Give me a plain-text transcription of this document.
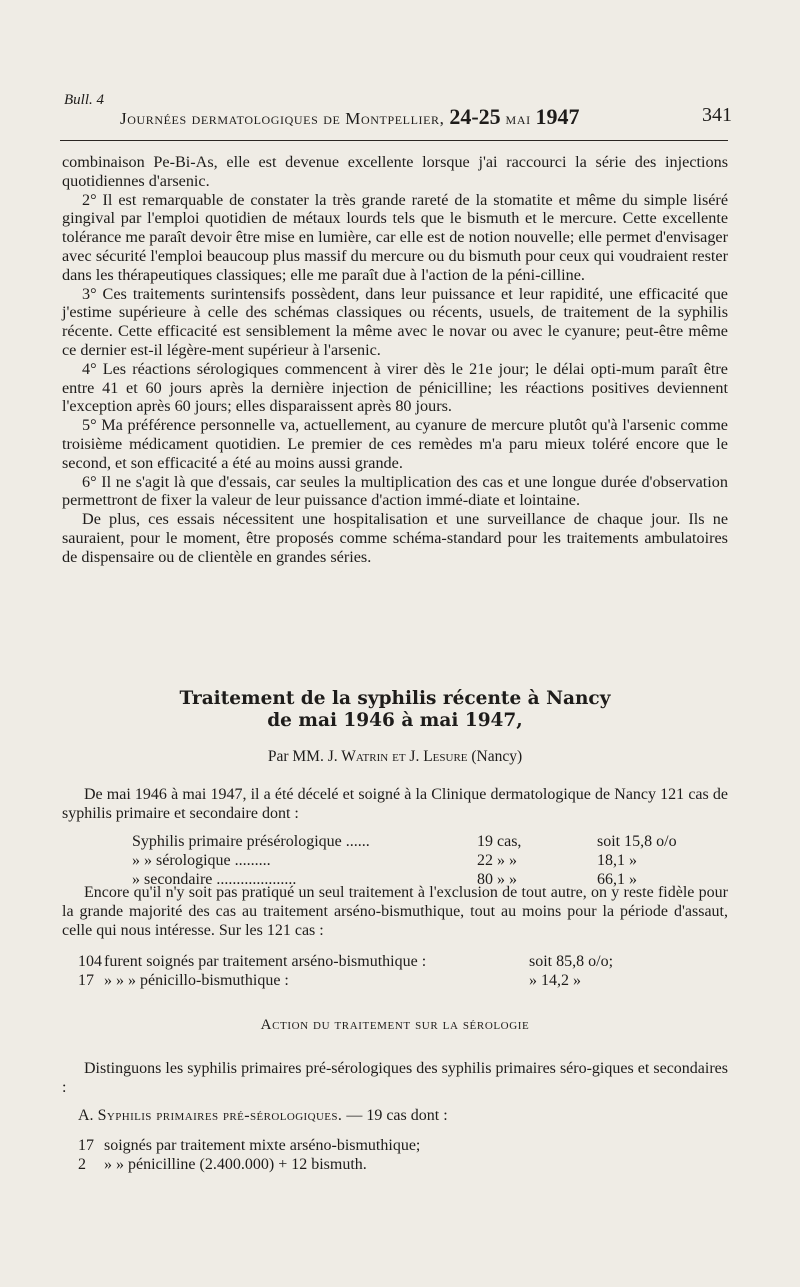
Bull. 4
Journées dermatologiques de Montpellier, 24-25 mai 1947	341

combinaison Pe-Bi-As, elle est devenue excellente lorsque j'ai raccourci la série des injections quotidiennes d'arsenic.

2° Il est remarquable de constater la très grande rareté de la stomatite et même du simple liséré gingival par l'emploi quotidien de métaux lourds tels que le bismuth et le mercure. Cette excellente tolérance me paraît devoir être mise en lumière, car elle est de notion nouvelle; elle permet d'envisager avec sécurité l'emploi beaucoup plus massif du mercure ou du bismuth pour ceux qui voudraient rester dans les thérapeutiques classiques; elle me paraît due à l'action de la péni-cilline.

3° Ces traitements surintensifs possèdent, dans leur puissance et leur rapidité, une efficacité que j'estime supérieure à celle des schémas classiques ou récents, usuels, de traitement de la syphilis récente. Cette efficacité est sensiblement la même avec le novar ou avec le cyanure; peut-être même ce dernier est-il légère-ment supérieur à l'arsenic.

4° Les réactions sérologiques commencent à virer dès le 21e jour; le délai opti-mum paraît être entre 41 et 60 jours après la dernière injection de pénicilline; les réactions positives deviennent l'exception après 60 jours; elles disparaissent après 80 jours.

5° Ma préférence personnelle va, actuellement, au cyanure de mercure plutôt qu'à l'arsenic comme troisième médicament quotidien. Le premier de ces remèdes m'a paru mieux toléré encore que le second, et son efficacité a été au moins aussi grande.

6° Il ne s'agit là que d'essais, car seules la multiplication des cas et une longue durée d'observation permettront de fixer la valeur de leur puissance d'action immé-diate et lointaine.

De plus, ces essais nécessitent une hospitalisation et une surveillance de chaque jour. Ils ne sauraient, pour le moment, être proposés comme schéma-standard pour les traitements ambulatoires de dispensaire ou de clientèle en grandes séries.

Traitement de la syphilis récente à Nancy
de mai 1946 à mai 1947,
Par MM. J. Watrin et J. Lesure (Nancy)

De mai 1946 à mai 1947, il a été décelé et soigné à la Clinique dermatologique de Nancy 121 cas de syphilis primaire et secondaire dont :

Syphilis primaire présérologique ......	19 cas,	soit 15,8 o/o
» » sérologique .........	22 » »	18,1 »
» secondaire ....................	80 » »	66,1 »

Encore qu'il n'y soit pas pratiqué un seul traitement à l'exclusion de tout autre, on y reste fidèle pour la grande majorité des cas au traitement arséno-bismuthique, tout au moins pour la période d'assaut, celle qui nous intéresse. Sur les 121 cas :

104	furent soignés par traitement arséno-bismuthique :	soit 85,8 o/o;
17	» » » pénicillo-bismuthique :	» 14,2 »
Action du traitement sur la sérologie

Distinguons les syphilis primaires pré-sérologiques des syphilis primaires séro-giques et secondaires :

A. Syphilis primaires pré-sérologiques. — 19 cas dont :
17	soignés par traitement mixte arséno-bismuthique;
2	» » pénicilline (2.400.000) + 12 bismuth.
